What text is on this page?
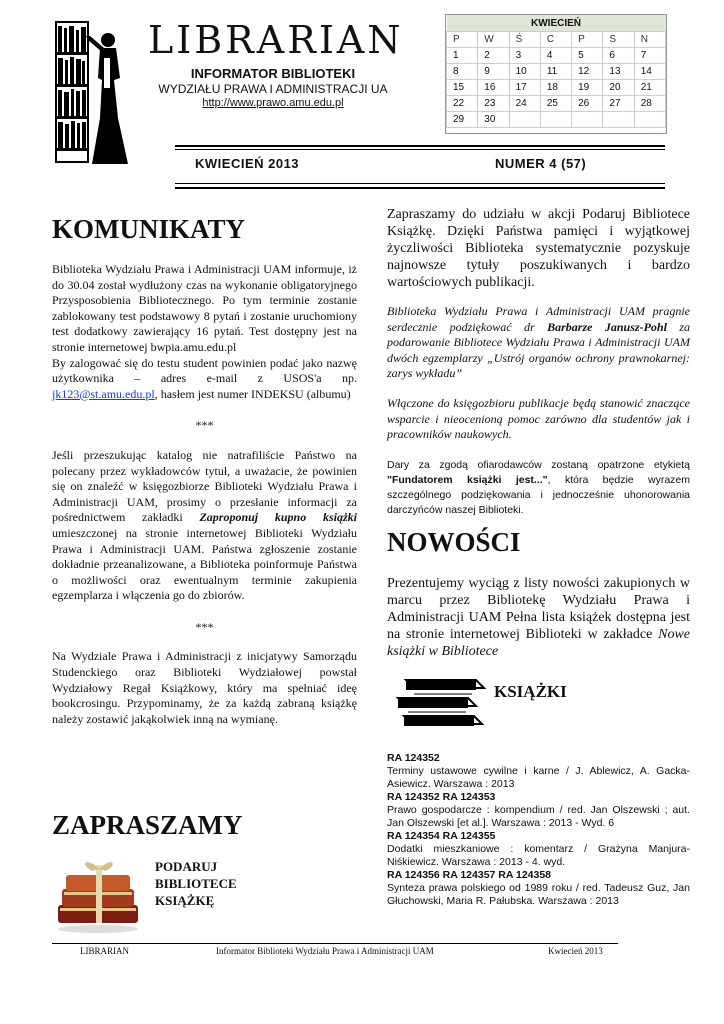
LIBRARIAN
INFORMATOR BIBLIOTEKI
WYDZIAŁU PRAWA I ADMINISTRACJI UA
http://www.prawo.amu.edu.pl
KWIECIEŃ						
P	W	Ś	C	P	S	N
1	2	3	4	5	6	7
8	9	10	11	12	13	14
15	16	17	18	19	20	21
22	23	24	25	26	27	28
29	30					
KWIECIEŃ 2013	NUMER 4 (57)
KOMUNIKATY
Biblioteka Wydziału Prawa i Administracji UAM informuje, iż do 30.04 został wydłużony czas na wykonanie obligatoryjnego Przysposobienia Bibliotecznego. Po tym terminie zostanie zablokowany test podstawowy 8 pytań i zostanie uruchomiony test dodatkowy zawierający 16 pytań. Test dostępny jest na stronie internetowej bwpia.amu.edu.pl
By zalogować się do testu student powinien podać jako nazwę użytkownika – adres e-mail z USOS'a np. jk123@st.amu.edu.pl, hasłem jest numer INDEKSU (albumu)
***
Jeśli przeszukując katalog nie natrafiliście Państwo na polecany przez wykładowców tytuł, a uważacie, że powinien się on znaleźć w księgozbiorze Biblioteki Wydziału Prawa i Administracji UAM, prosimy o przesłanie informacji za pośrednictwem zakładki Zaproponuj kupno książki umieszczonej na stronie internetowej Biblioteki Wydziału Prawa i Administracji UAM. Państwa zgłoszenie zostanie dokładnie przeanalizowane, a Biblioteka poinformuje Państwa o możliwości oraz ewentualnym terminie zakupienia egzemplarza i włączenia go do zbiorów.
***
Na Wydziale Prawa i Administracji z inicjatywy Samorządu Studenckiego oraz Biblioteki Wydziałowej powstał Wydziałowy Regał Książkowy, który ma spełniać ideę bookcrosingu. Przypominamy, że za każdą zabraną książkę należy zostawić jakąkolwiek inną na wymianę.
ZAPRASZAMY
PODARUJ
BIBLIOTECE
KSIĄŻKĘ
Zapraszamy do udziału w akcji Podaruj Bibliotece Książkę. Dzięki Państwa pamięci i wyjątkowej życzliwości Biblioteka systematycznie pozyskuje najnowsze tytuły poszukiwanych i bardzo wartościowych publikacji.
Biblioteka Wydziału Prawa i Administracji UAM pragnie serdecznie podziękować dr Barbarze Janusz-Pohl za podarowanie Bibliotece Wydziału Prawa i Administracji UAM dwóch egzemplarzy „Ustrój organów ochrony prawnokarnej: zarys wykładu”
Włączone do księgozbioru publikacje będą stanowić znaczące wsparcie i nieocenioną pomoc zarówno dla studentów jak i pracowników naukowych.
Dary za zgodą ofiarodawców zostaną opatrzone etykietą "Fundatorem książki jest...", która będzie wyrazem szczególnego podziękowania i jednocześnie uhonorowania darczyńców naszej Biblioteki.
NOWOŚCI
Prezentujemy wyciąg z listy nowości zakupionych w marcu przez Bibliotekę Wydziału Prawa i Administracji UAM Pełna lista książek dostępna jest na stronie internetowej Biblioteki w zakładce Nowe książki w Bibliotece
KSIĄŻKI
RA 124352
Terminy ustawowe cywilne i karne / J. Ablewicz, A. Gacka-Asiewicz. Warszawa : 2013
RA 124352 RA 124353
Prawo gospodarcze : kompendium / red. Jan Olszewski ; aut. Jan Olszewski [et al.]. Warszawa : 2013 - Wyd. 6
RA 124354 RA 124355
Dodatki mieszkaniowe : komentarz / Grażyna Manjura-Niśkiewicz. Warszawa : 2013 - 4. wyd.
RA 124356 RA 124357 RA 124358
Synteza prawa polskiego od 1989 roku / red. Tadeusz Guz, Jan Głuchowski, Maria R. Pałubska. Warszawa : 2013
LIBRARIAN	Informator Biblioteki Wydziału Prawa i Administracji UAM	Kwiecień 2013
